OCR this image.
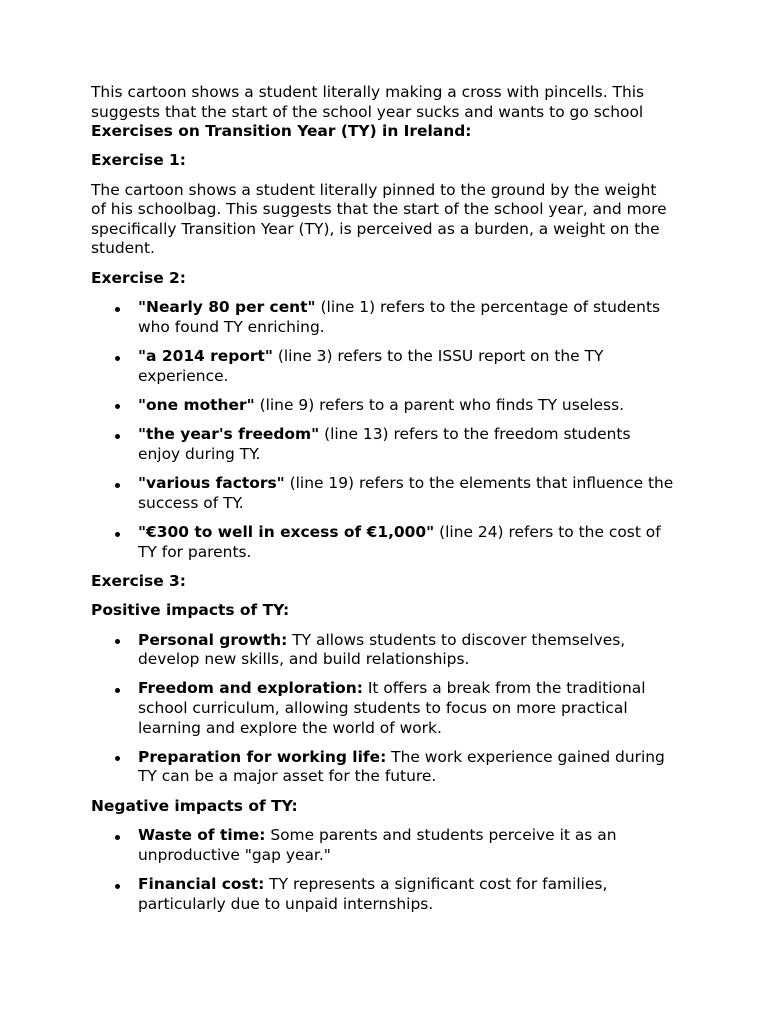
This cartoon shows a student literally making a cross with pincells. This
suggests that the start of the school year sucks and wants to go school
Exercises on Transition Year (TY) in Ireland:
Exercise 1:
The cartoon shows a student literally pinned to the ground by the weight
of his schoolbag. This suggests that the start of the school year, and more
specifically Transition Year (TY), is perceived as a burden, a weight on the
student.
Exercise 2:
"Nearly 80 per cent" (line 1) refers to the percentage of students
who found TY enriching.
"a 2014 report" (line 3) refers to the ISSU report on the TY
experience.
"one mother" (line 9) refers to a parent who finds TY useless.
"the year's freedom" (line 13) refers to the freedom students
enjoy during TY.
"various factors" (line 19) refers to the elements that influence the
success of TY.
"€300 to well in excess of €1,000" (line 24) refers to the cost of
TY for parents.
Exercise 3:
Positive impacts of TY:
Personal growth: TY allows students to discover themselves,
develop new skills, and build relationships.
Freedom and exploration: It offers a break from the traditional
school curriculum, allowing students to focus on more practical
learning and explore the world of work.
Preparation for working life: The work experience gained during
TY can be a major asset for the future.
Negative impacts of TY:
Waste of time: Some parents and students perceive it as an
unproductive "gap year."
Financial cost: TY represents a significant cost for families,
particularly due to unpaid internships.
